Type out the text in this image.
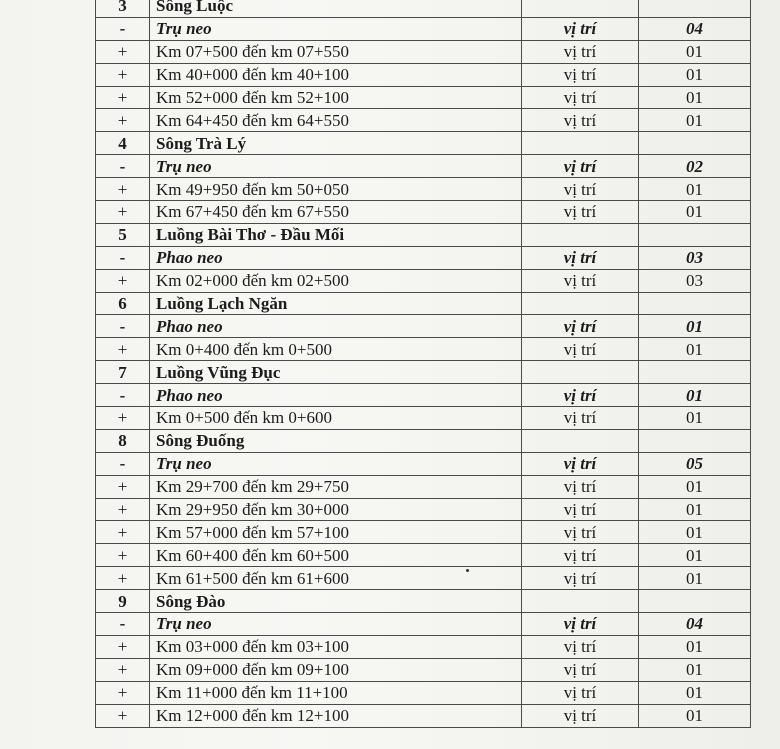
3	Sông Luộc		
-	Trụ neo	vị trí	04
+	Km 07+500 đến km 07+550	vị trí	01
+	Km 40+000 đến km 40+100	vị trí	01
+	Km 52+000 đến km 52+100	vị trí	01
+	Km 64+450 đến km 64+550	vị trí	01
4	Sông Trà Lý		
-	Trụ neo	vị trí	02
+	Km 49+950 đến km 50+050	vị trí	01
+	Km 67+450 đến km 67+550	vị trí	01
5	Luồng Bài Thơ - Đầu Mối		
-	Phao neo	vị trí	03
+	Km 02+000 đến km 02+500	vị trí	03
6	Luồng Lạch Ngăn		
-	Phao neo	vị trí	01
+	Km 0+400 đến km 0+500	vị trí	01
7	Luồng Vũng Đục		
-	Phao neo	vị trí	01
+	Km 0+500 đến km 0+600	vị trí	01
8	Sông Đuống		
-	Trụ neo	vị trí	05
+	Km 29+700 đến km 29+750	vị trí	01
+	Km 29+950 đến km 30+000	vị trí	01
+	Km 57+000 đến km 57+100	vị trí	01
+	Km 60+400 đến km 60+500	vị trí	01
+	Km 61+500 đến km 61+600	vị trí	01
9	Sông Đào		
-	Trụ neo	vị trí	04
+	Km 03+000 đến km 03+100	vị trí	01
+	Km 09+000 đến km 09+100	vị trí	01
+	Km 11+000 đến km 11+100	vị trí	01
+	Km 12+000 đến km 12+100	vị trí	01
